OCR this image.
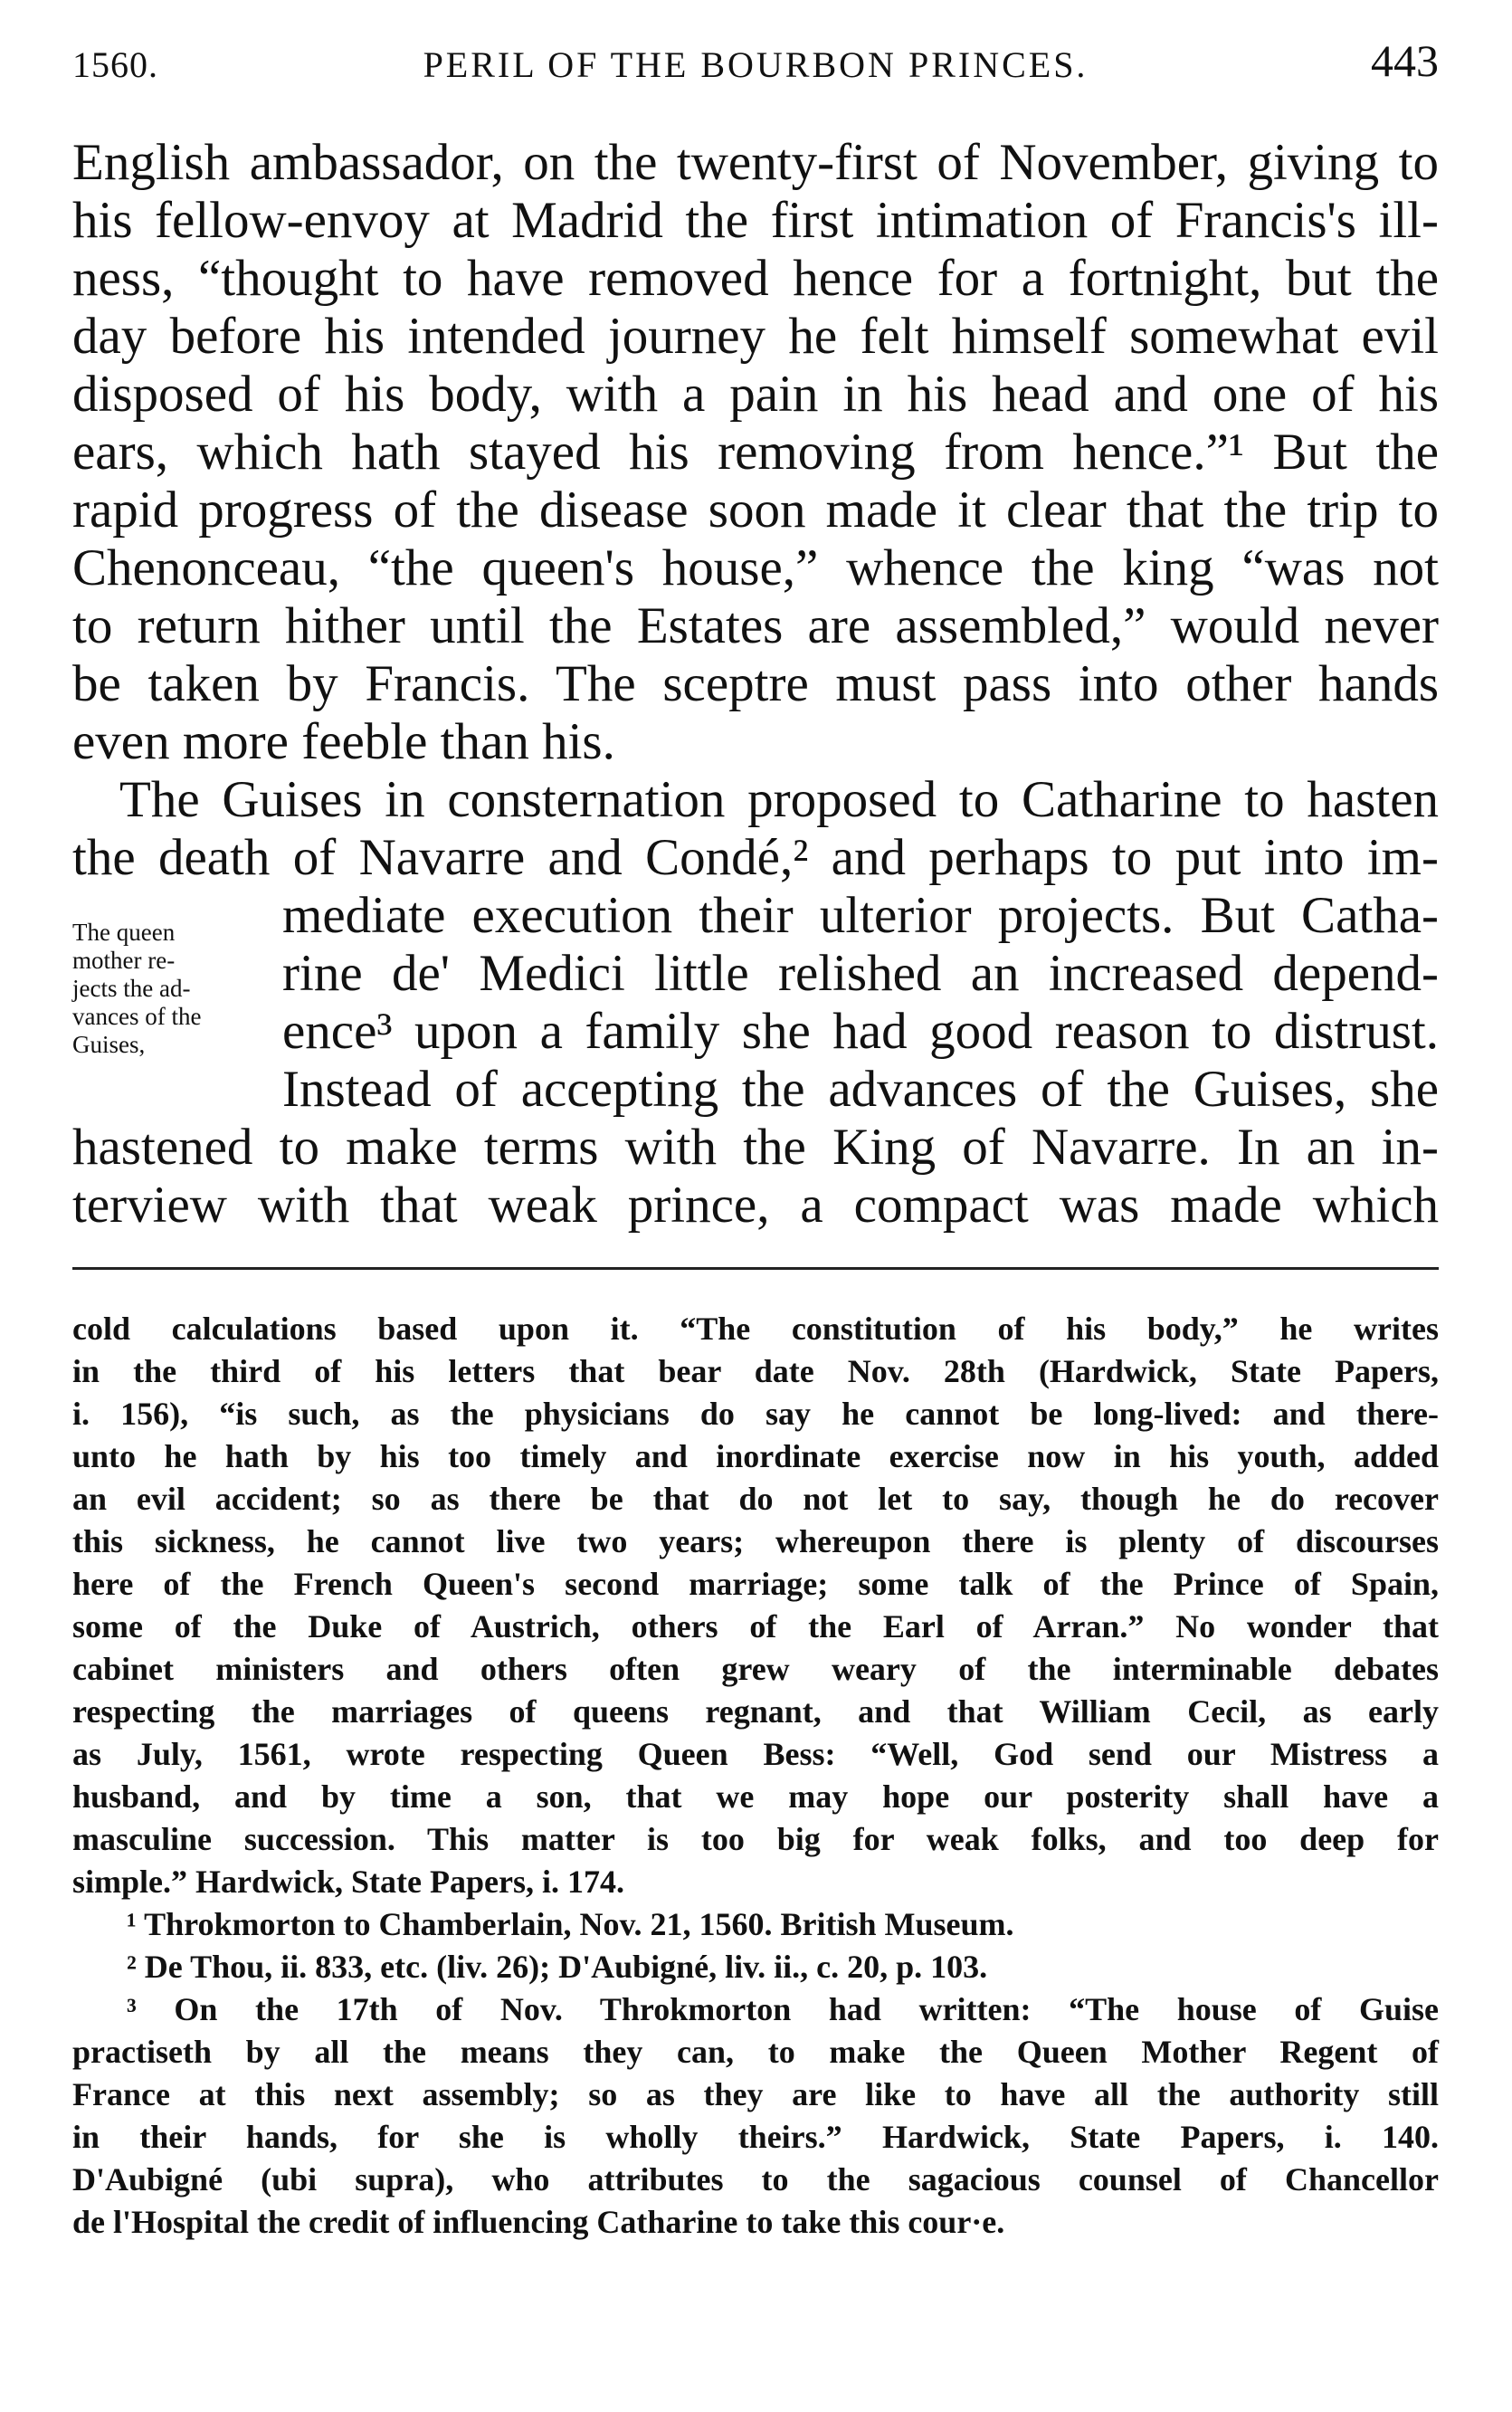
1560.	PERIL OF THE BOURBON PRINCES.	443
English ambassador, on the twenty-first of November, giving to
his fellow-envoy at Madrid the first intimation of Francis's ill-
ness, “thought to have removed hence for a fortnight, but the
day before his intended journey he felt himself somewhat evil
disposed of his body, with a pain in his head and one of his
ears, which hath stayed his removing from hence.”¹ But the
rapid progress of the disease soon made it clear that the trip to
Chenonceau, “the queen's house,” whence the king “was not
to return hither until the Estates are assembled,” would never
be taken by Francis. The sceptre must pass into other hands
even more feeble than his.
The Guises in consternation proposed to Catharine to hasten
the death of Navarre and Condé,² and perhaps to put into im-
mediate execution their ulterior projects. But Catha-
rine de' Medici little relished an increased depend-
ence³ upon a family she had good reason to distrust.
Instead of accepting the advances of the Guises, she
hastened to make terms with the King of Navarre. In an in-
terview with that weak prince, a compact was made which
The queen
mother re-
jects the ad-
vances of the
Guises,
cold calculations based upon it. “The constitution of his body,” he writes
in the third of his letters that bear date Nov. 28th (Hardwick, State Papers,
i. 156), “is such, as the physicians do say he cannot be long-lived: and there-
unto he hath by his too timely and inordinate exercise now in his youth, added
an evil accident; so as there be that do not let to say, though he do recover
this sickness, he cannot live two years; whereupon there is plenty of discourses
here of the French Queen's second marriage; some talk of the Prince of Spain,
some of the Duke of Austrich, others of the Earl of Arran.” No wonder that
cabinet ministers and others often grew weary of the interminable debates
respecting the marriages of queens regnant, and that William Cecil, as early
as July, 1561, wrote respecting Queen Bess: “Well, God send our Mistress a
husband, and by time a son, that we may hope our posterity shall have a
masculine succession. This matter is too big for weak folks, and too deep for
simple.” Hardwick, State Papers, i. 174.
¹ Throkmorton to Chamberlain, Nov. 21, 1560. British Museum.
² De Thou, ii. 833, etc. (liv. 26); D'Aubigné, liv. ii., c. 20, p. 103.
³ On the 17th of Nov. Throkmorton had written: “The house of Guise
practiseth by all the means they can, to make the Queen Mother Regent of
France at this next assembly; so as they are like to have all the authority still
in their hands, for she is wholly theirs.” Hardwick, State Papers, i. 140.
D'Aubigné (ubi supra), who attributes to the sagacious counsel of Chancellor
de l'Hospital the credit of influencing Catharine to take this cour·e.
